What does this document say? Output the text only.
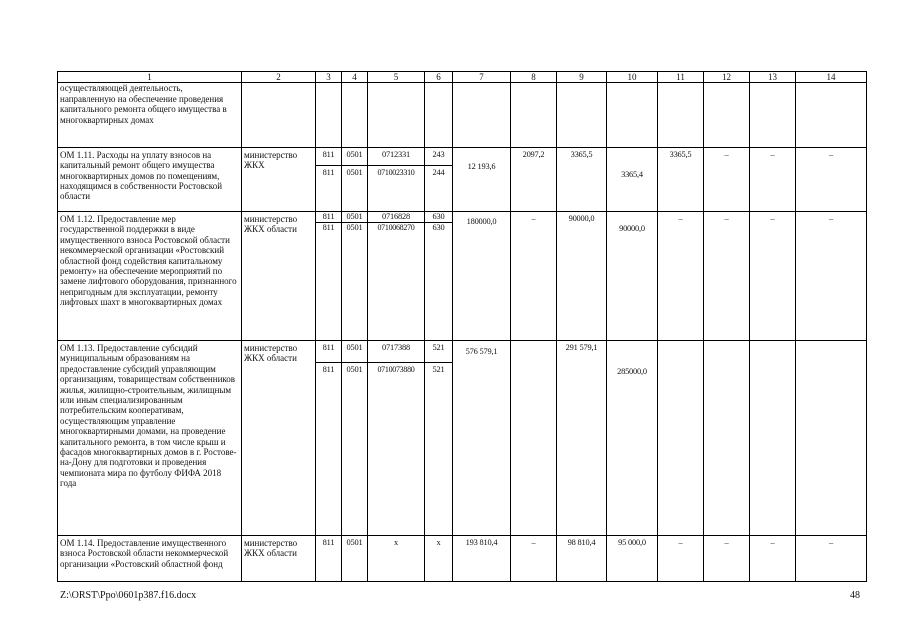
1	2	3	4	5	6	7	8	9	10	11	12	13	14
осуществляющей деятельность, направленную на обеспечение проведения капитального ремонта общего имущества в многоквартирных домах													
ОМ 1.11. Расходы на уплату взносов на капитальный ремонт общего имущества многоквартирных домов по помещениям, находящимся в собственности Ростовской области	министерство ЖКХ	811	0501	0712331	243	12 193,6	2097,2	3365,5	3365,4	3365,5	–	–	–
		811	0501	0710023310	244								
ОМ 1.12. Предоставление мер государственной поддержки в виде имущественного взноса Ростовской области некоммерческой организации «Ростовский областной фонд содействия капитальному ремонту» на обеспечение мероприятий по замене лифтового оборудования, признанного непригодным для эксплуатации, ремонту лифтовых шахт в многоквартирных домах	министерство ЖКХ области	811	0501	0716828	630	180000,0	–	90000,0	90000,0	–	–	–	–
		811	0501	0710068270	630								
ОМ 1.13. Предоставление субсидий муниципальным образованиям на предоставление субсидий управляющим организациям, товариществам собственников жилья, жилищно-строительным, жилищным или иным специализированным потребительским кооперативам, осуществляющим управление многоквартирными домами, на проведение капитального ремонта, в том числе крыш и фасадов многоквартирных домов в г. Ростове-на-Дону для подготовки и проведения чемпионата мира по футболу ФИФА 2018 года	министерство ЖКХ области	811	0501	0717388	521	576 579,1		291 579,1	285000,0				
		811	0501	0710073880	521								
ОМ 1.14. Предоставление имущественного взноса Ростовской области некоммерческой организации «Ростовский областной фонд	министерство ЖКХ области	811	0501	x	x	193 810,4	–	98 810,4	95 000,0	–	–	–	–
Z:\ORST\Ppo\0601p387.f16.docx	48
